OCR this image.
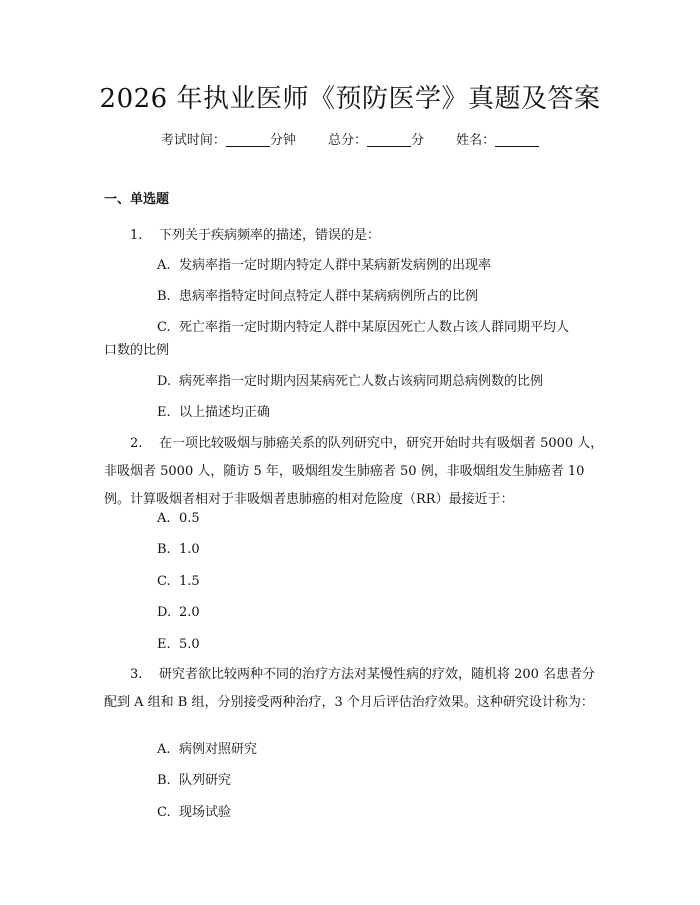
2026 年执业医师《预防医学》真题及答案
考试时间：	分钟 总分：	分 姓名：
一、单选题
1. 下列关于疾病频率的描述，错误的是：
A. 发病率指一定时期内特定人群中某病新发病例的出现率
B. 患病率指特定时间点特定人群中某病病例所占的比例
C. 死亡率指一定时期内特定人群中某原因死亡人数占该人群同期平均人
口数的比例
D. 病死率指一定时期内因某病死亡人数占该病同期总病例数的比例
E. 以上描述均正确
2. 在一项比较吸烟与肺癌关系的队列研究中，研究开始时共有吸烟者 5000 人，非吸烟者 5000 人，随访 5 年，吸烟组发生肺癌者 50 例，非吸烟组发生肺癌者 10 例。计算吸烟者相对于非吸烟者患肺癌的相对危险度（RR）最接近于：
A. 0.5
B. 1.0
C. 1.5
D. 2.0
E. 5.0
3. 研究者欲比较两种不同的治疗方法对某慢性病的疗效，随机将 200 名患者分配到 A 组和 B 组，分别接受两种治疗，3 个月后评估治疗效果。这种研究设计称为：
A. 病例对照研究
B. 队列研究
C. 现场试验
